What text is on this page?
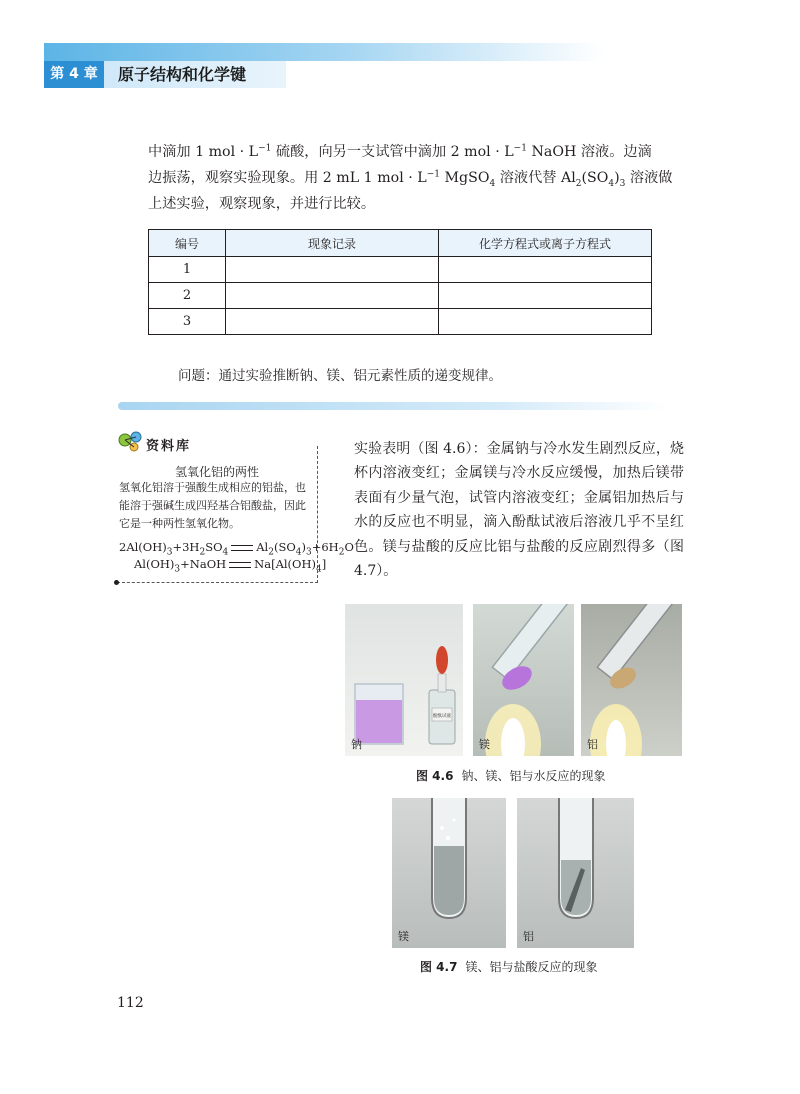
第 4 章	原子结构和化学键
中滴加 1 mol · $L^{-1}$ 硫酸，向另一支试管中滴加 2 mol · $L^{-1}$ NaOH 溶液。边滴
边振荡，观察实验现象。用 2 mL 1 mol · $L^{-1}$ MgSO$_4$ 溶液代替 $Al_2(SO_4)_3$ 溶液做
上述实验，观察现象，并进行比较。
编号	现象记录	化学方程式或离子方程式
1		
2		
3		
问题：通过实验推断钠、镁、铝元素性质的递变规律。
资料库
氢氧化铝的两性
氢氧化铝溶于强酸生成相应的铝盐，也能溶于强碱生成四羟基合铝酸盐，因此它是一种两性氢氧化物。
$2Al(OH)_3+3H_2SO_4$ $Al_2(SO_4)_3+6H_2O$
$Al(OH)_3+NaOH$ $Na[Al(OH)_4]$
实验表明（图 4.6）：金属钠与冷水发生剧烈反应，烧杯内溶液变红；金属镁与冷水反应缓慢，加热后镁带表面有少量气泡，试管内溶液变红；金属铝加热后与水的反应也不明显，滴入酚酞试液后溶液几乎不呈红色。镁与盐酸的反应比铝与盐酸的反应剧烈得多（图 4.7）。
酚酞试液
钠	镁	铝
图 4.6 钠、镁、铝与水反应的现象
镁	铝
图 4.7 镁、铝与盐酸反应的现象
112
